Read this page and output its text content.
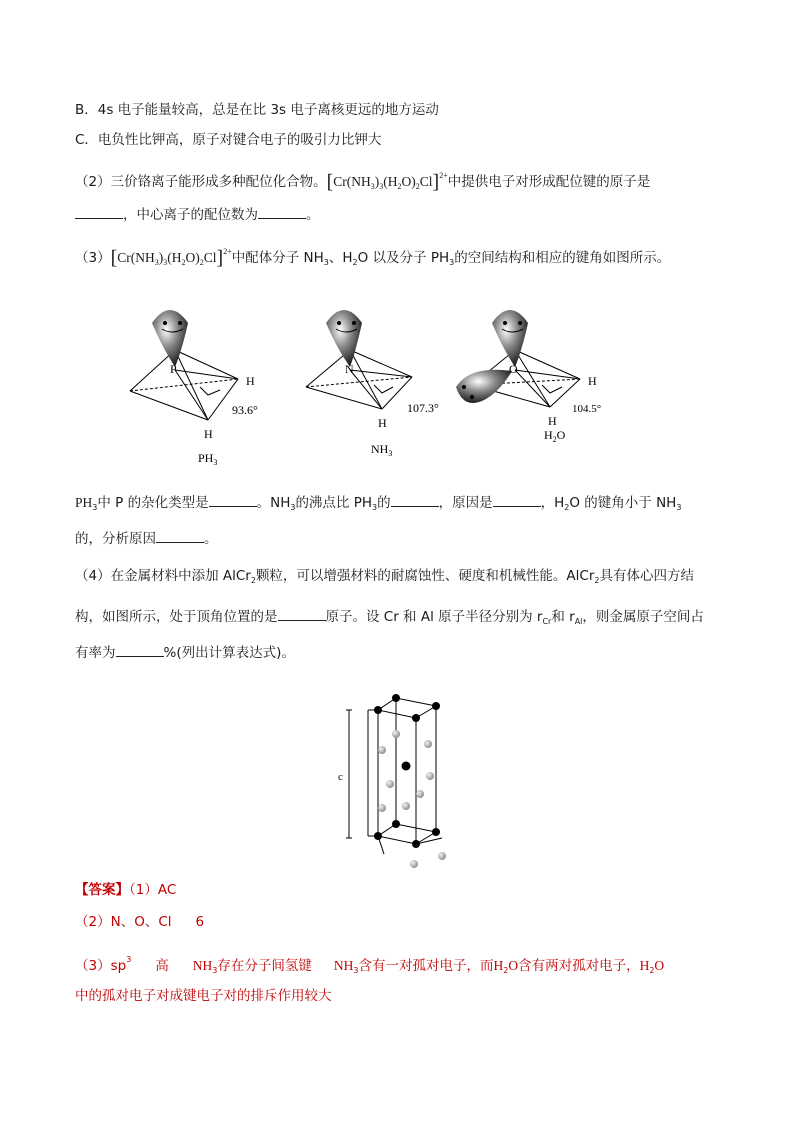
B．4s 电子能量较高，总是在比 3s 电子离核更远的地方运动
C．电负性比钾高，原子对键合电子的吸引力比钾大
（2）三价铬离子能形成多种配位化合物。$[Cr(NH_3)_3(H_2O)_2Cl]^{2+}$中提供电子对形成配位键的原子是
，中心离子的配位数为	。
$(3)[Cr(NH_3)_3(H_2O)_2Cl]^{2+}$中配体分子 $NH_3$、$H_2O$ 以及分子 $PH_3$的空间结构和相应的键角如图所示。
P
H
H
93.6°
$PH_3$
N
H
107.3°
$NH_3$
O
H
H
104.5°
$H_2O$
$PH_3$中 P 的杂化类型是	。$NH_3$的沸点比 $PH_3$的	，原因是	，$H_2O$ 的键角小于 $NH_3$
的，分析原因	。
（4）在金属材料中添加 AlCr$_2$颗粒，可以增强材料的耐腐蚀性、硬度和机械性能。AlCr$_2$具有体心四方结
构，如图所示，处于顶角位置的是	原子。设 Cr 和 Al 原子半径分别为 $r_{Cr}$和 $r_{Al}$，则金属原子空间占
有率为	%(列出计算表达式)。
c
【答案】（1）AC
（2）N、O、Cl 6
$(3)sp^3$ 高 $NH_3$存在分子间氢键 $NH_3$含有一对孤对电子，而$H_2O$含有两对孤对电子，$H_2O$
中的孤对电子对成键电子对的排斥作用较大
